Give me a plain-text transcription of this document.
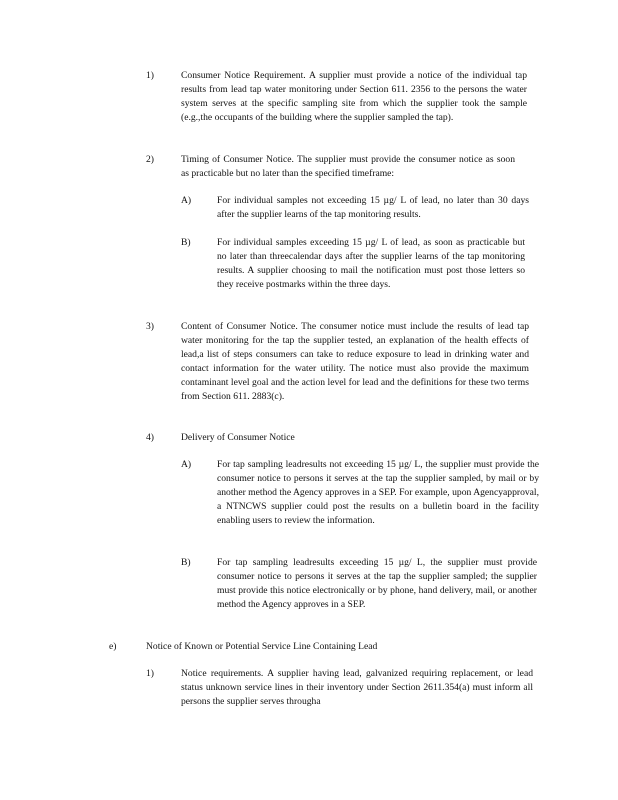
1)	Consumer Notice Requirement. A supplier must provide a notice of the individual tap results from lead tap water monitoring under Section 611. 2356 to the persons the water system serves at the specific sampling site from which the supplier took the sample (e.g.,the occupants of the building where the supplier sampled the tap).
2)	Timing of Consumer Notice. The supplier must provide the consumer notice as soon as practicable but no later than the specified timeframe:
A)	For individual samples not exceeding 15 µg/ L of lead, no later than 30 days after the supplier learns of the tap monitoring results.
B)	For individual samples exceeding 15 µg/ L of lead, as soon as practicable but no later than threecalendar days after the supplier learns of the tap monitoring results. A supplier choosing to mail the notification must post those letters so they receive postmarks within the three days.
3)	Content of Consumer Notice. The consumer notice must include the results of lead tap water monitoring for the tap the supplier tested, an explanation of the health effects of lead,a list of steps consumers can take to reduce exposure to lead in drinking water and contact information for the water utility. The notice must also provide the maximum contaminant level goal and the action level for lead and the definitions for these two terms from Section 611. 2883(c).
4)	Delivery of Consumer Notice
A)	For tap sampling leadresults not exceeding 15 µg/ L, the supplier must provide the consumer notice to persons it serves at the tap the supplier sampled, by mail or by another method the Agency approves in a SEP. For example, upon Agencyapproval, a NTNCWS supplier could post the results on a bulletin board in the facility enabling users to review the information.
B)	For tap sampling leadresults exceeding 15 µg/ L, the supplier must provide consumer notice to persons it serves at the tap the supplier sampled; the supplier must provide this notice electronically or by phone, hand delivery, mail, or another method the Agency approves in a SEP.
e)	Notice of Known or Potential Service Line Containing Lead
1)	Notice requirements. A supplier having lead, galvanized requiring replacement, or lead status unknown service lines in their inventory under Section 2611.354(a) must inform all persons the supplier serves througha
